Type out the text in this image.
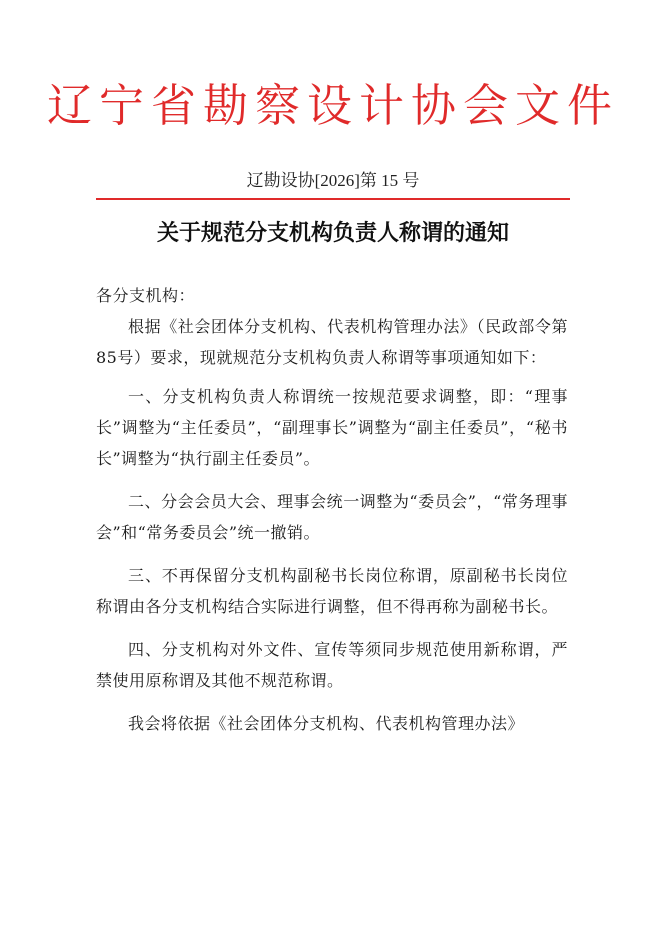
辽宁省勘察设计协会文件
辽勘设协[2026]第 15 号
关于规范分支机构负责人称谓的通知

各分支机构：

根据《社会团体分支机构、代表机构管理办法》（民政部令第85号）要求，现就规范分支机构负责人称谓等事项通知如下：

一、分支机构负责人称谓统一按规范要求调整，即：“理事长”调整为“主任委员”，“副理事长”调整为“副主任委员”，“秘书长”调整为“执行副主任委员”。

二、分会会员大会、理事会统一调整为“委员会”，“常务理事会”和“常务委员会”统一撤销。

三、不再保留分支机构副秘书长岗位称谓，原副秘书长岗位称谓由各分支机构结合实际进行调整，但不得再称为副秘书长。

四、分支机构对外文件、宣传等须同步规范使用新称谓，严禁使用原称谓及其他不规范称谓。

我会将依据《社会团体分支机构、代表机构管理办法》
